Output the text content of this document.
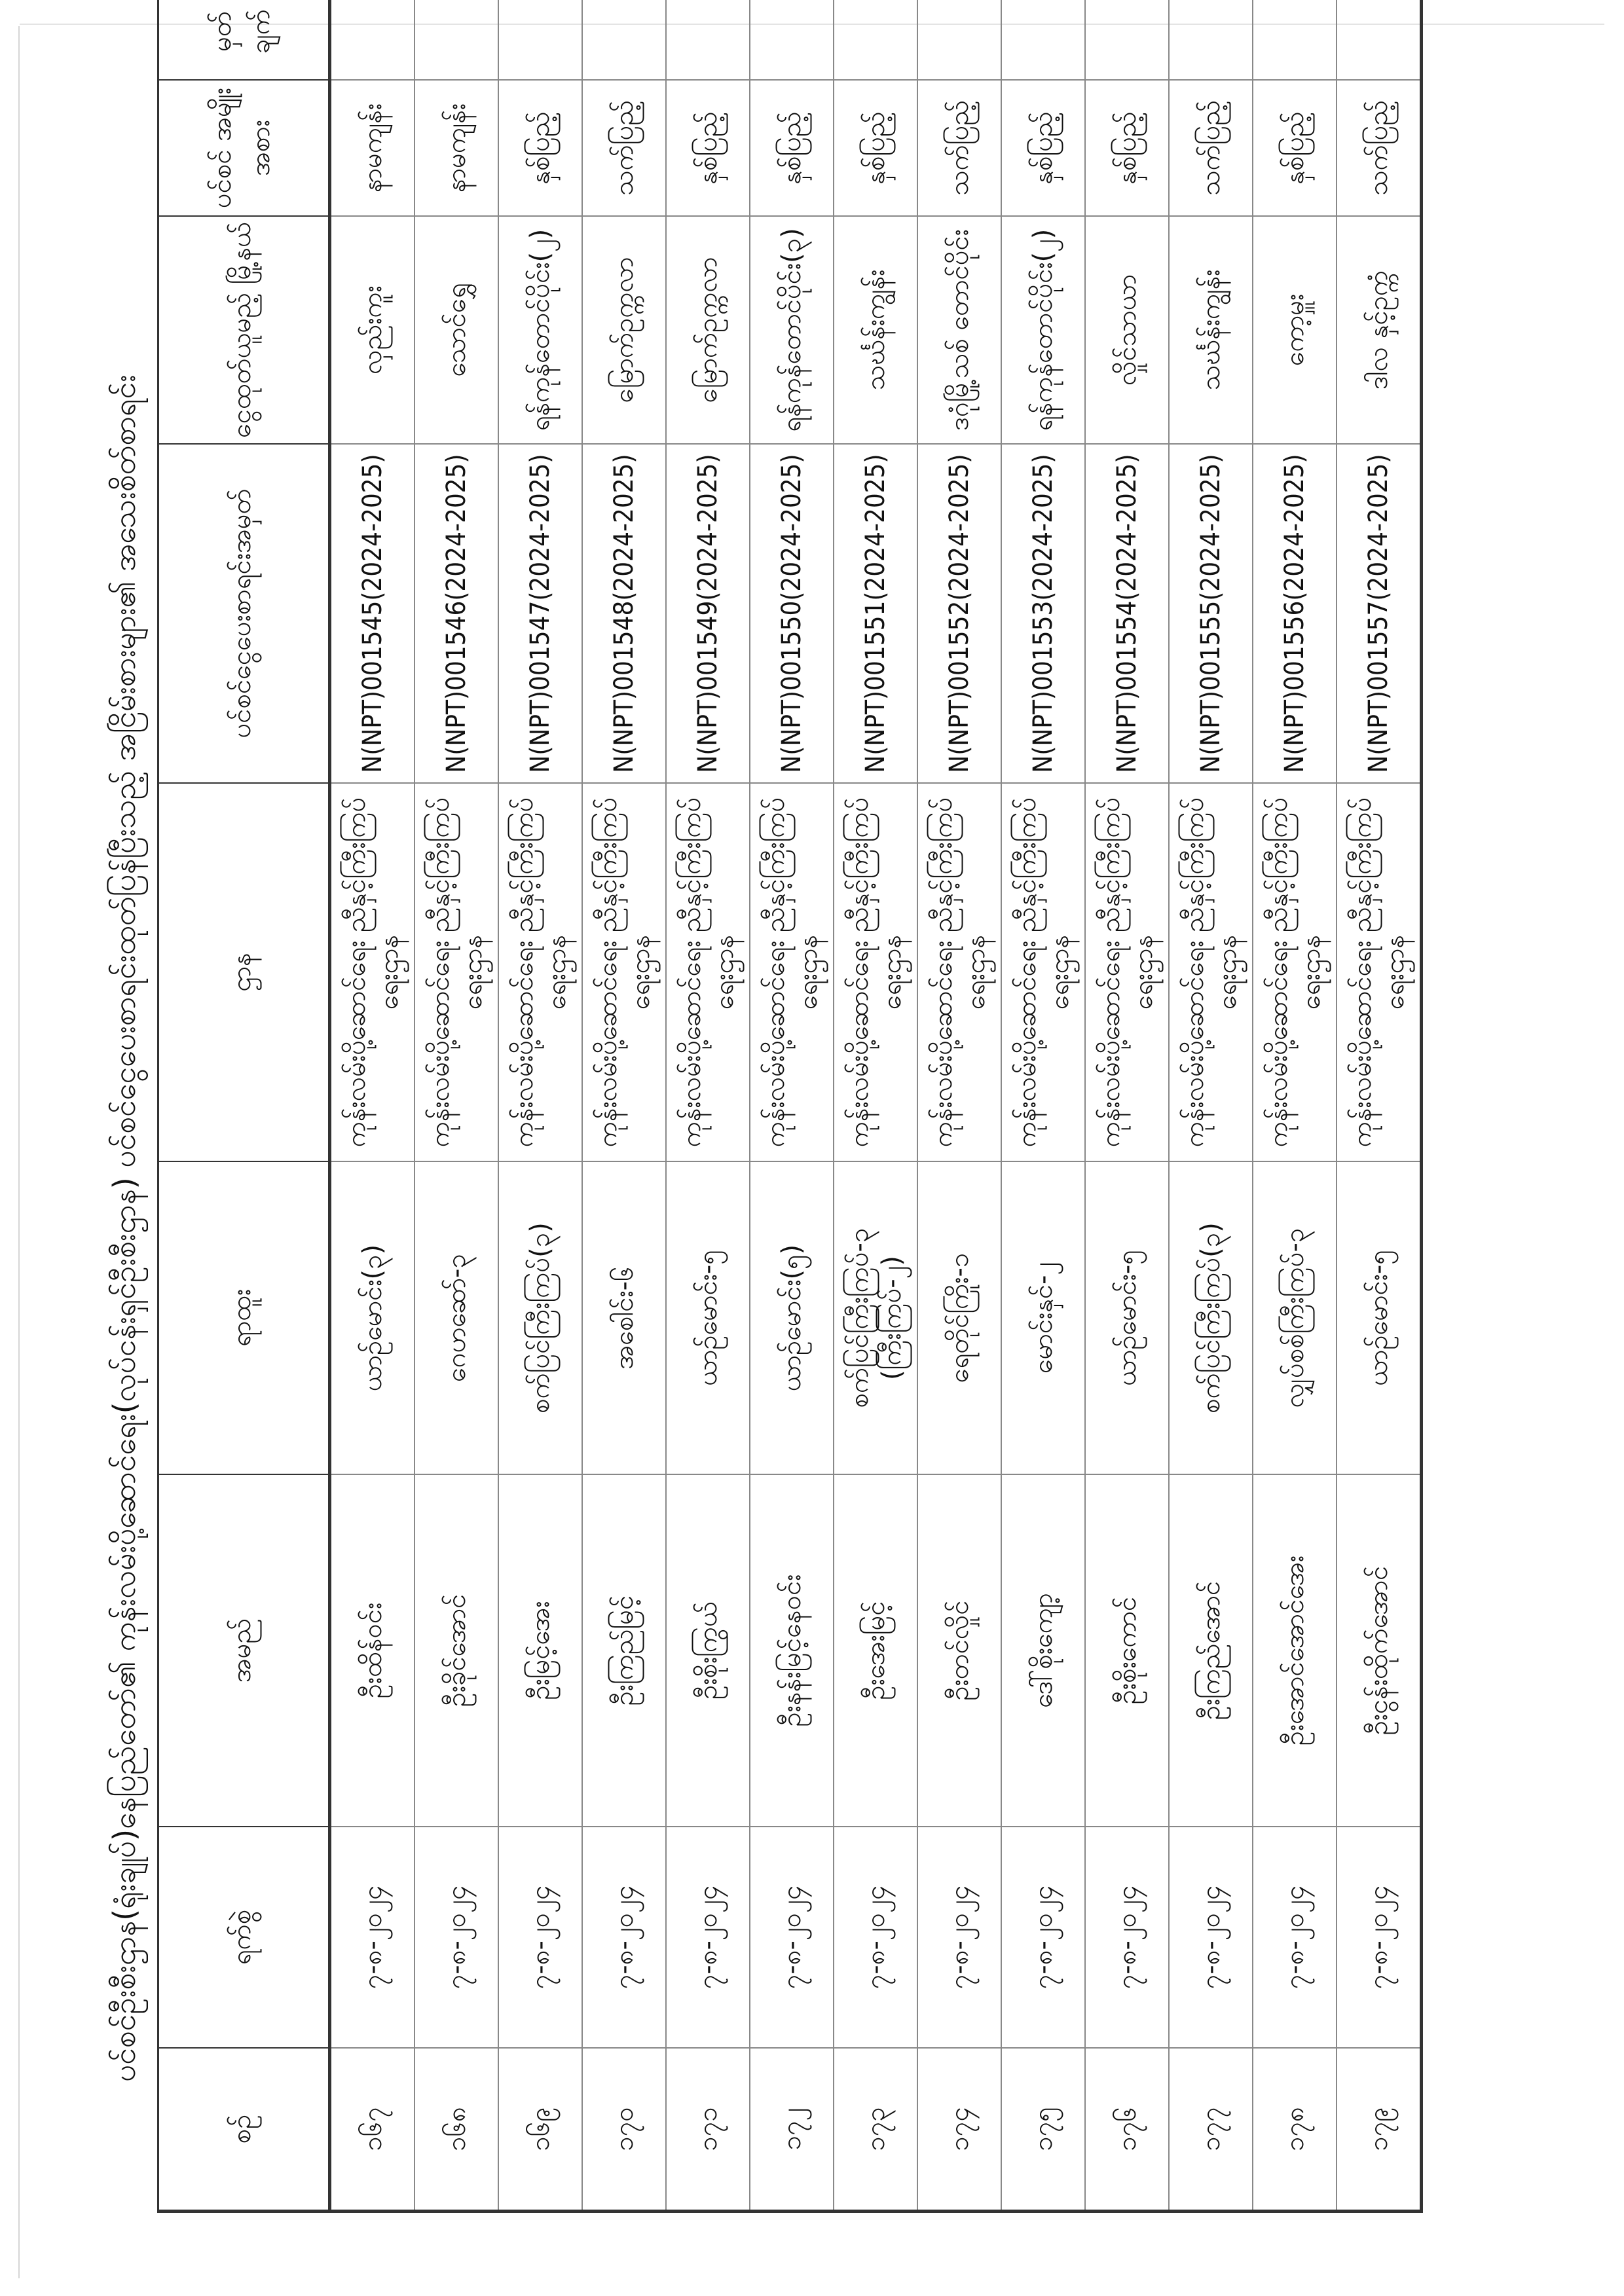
ပင်စင်ဦးစီးဌာန(ရုံးချုပ်)နေပြည်တော်၏ ကုန်းလမ်းပို့ဆောင်ရေး(လုပ်ငန်းရှင်ဦးစီးဌာန) ပင်စင်ငွေပေးစာရင်းထုတ်ပြန်ပြီးသည့် အငြိမ်းစားများ၏ အသေးစိတ်စာရင်း
စဉ်	ရက်စွဲ	အမည်	ရာထူး	ဌာန	ပင်စင်ငွေပေးစာရင်းအမှတ်	ငွေထုတ်ယူမည့် မြို့နယ်	ပင်စင် အမျိုးအစား	မှတ် ချက်
၁၆၇	၇-၈-၂၀၂၄	ဦးထိန်ဝင်း	ယာဉ်မောင်း(၃)	ကုန်းလမ်းပို့ဆောင်ရေး ညီနှင့်ကြီးကြပ်ရေးဌာန	N(NPT)001545(2024-2025)	လှည်းကူး	နာမကျန်း	
၁၆၈	၇-၈-၂၀၂၄	ဦးခိုင်အောင်	ဂေဟဆော်-၃	ကုန်းလမ်းပို့ဆောင်ရေး ညီနှင့်ကြီးကြပ်ရေးဌာန	N(NPT)001546(2024-2025)	သောင်ရွှေ	နာမကျန်း	
၁၆၉	၇-၈-၂၀၂၄	ဦးမြင့်အေး	စက်ပြင်ကြီးကြပ်(၃)	ကုန်းလမ်းပို့ဆောင်ရေး ညီနှင့်ကြီးကြပ်ရေးဌာန	N(NPT)001547(2024-2025)	ရန်ကုန်တောင်ပိုင်း(၂)	နှစ်ပြည့်	
၁၇၀	၇-၈-၂၀၂၄	ဦးကြည်မြင့်	အစေါင်း-၆	ကုန်းလမ်းပို့ဆောင်ရေး ညီနှင့်ကြီးကြပ်ရေးဌာန	N(NPT)001548(2024-2025)	မြောက်ဥက္ကလာ	သက်ပြည့်	
၁၇၁	၇-၈-၂၀၂၄	ဦးစိုးကြွယ်	ယာဉ်မောင်း-၅	ကုန်းလမ်းပို့ဆောင်ရေး ညီနှင့်ကြီးကြပ်ရေးဌာန	N(NPT)001549(2024-2025)	မြောက်ဥက္ကလာ	နှစ်ပြည့်	
၁၇၂	၇-၈-၂၀၂၄	ဦးနန်းမြင့်နေဝင်း	ယာဉ်မောင်း(၅)	ကုန်းလမ်းပို့ဆောင်ရေး ညီနှင့်ကြီးကြပ်ရေးဌာန	N(NPT)001550(2024-2025)	ရန်ကုန်တောင်ပိုင်း(၃)	နှစ်ပြည့်	
၁၇၃	၇-၈-၂၀၂၄	ဦးအေးမြင့်	စက်ပြင်ကြီးကြပ်-၃ (ကြီးကြပ်-၂)	ကုန်းလမ်းပို့ဆောင်ရေး ညီနှင့်ကြီးကြပ်ရေးဌာန	N(NPT)001551(2024-2025)	သင်္ဃန်းကျွန်း	နှစ်ပြည့်	
၁၇၄	၇-၈-၂၀၂၄	ဦးတင်လှိုင်	ရေတိုင်ကြိုး-၁	ကုန်းလမ်းပို့ဆောင်ရေး ညီနှင့်ကြီးကြပ်ရေးဌာန	N(NPT)001552(2024-2025)	ဒဂုံမြို့သစ် တောင်ပိုင်း	သက်ပြည့်	
၁၇၅	၇-၈-၂၀၂၄	ဒေါ်စိုးကျော့	မောင်းနှင်-၂	ကုန်းလမ်းပို့ဆောင်ရေး ညီနှင့်ကြီးကြပ်ရေးဌာန	N(NPT)001553(2024-2025)	ရန်ကုန်တောင်ပိုင်း(၂)	နှစ်ပြည့်	
၁၇၆	၇-၈-၂၀၂၄	ဦးစိုးကောင်	ယာဉ်မောင်း-၅	ကုန်းလမ်းပို့ဆောင်ရေး ညီနှင့်ကြီးကြပ်ရေးဌာန	N(NPT)001554(2024-2025)	လှိုင်သာယာ	နှစ်ပြည့်	
၁၇၇	၇-၈-၂၀၂၄	ဦးကြည်အောင်	စက်ပြင်ကြီးကြပ်(၃)	ကုန်းလမ်းပို့ဆောင်ရေး ညီနှင့်ကြီးကြပ်ရေးဌာန	N(NPT)001555(2024-2025)	သင်္ဃန်းကျွန်း	သက်ပြည့်	
၁၇၈	၇-၈-၂၀၂၄	ဦးအောင်အောင်အေး	လျှပ်စစ်ကြီးကြပ်-၃	ကုန်းလမ်းပို့ဆောင်ရေး ညီနှင့်ကြီးကြပ်ရေးဌာန	N(NPT)001556(2024-2025)	ကော့မှူး	နှစ်ပြည့်	
၁၇၉	၇-၈-၂၀၂၄	ဦးငွန်းထိုက်အောင်	ယာဉ်မောင်း-၅	ကုန်းလမ်းပို့ဆောင်ရေး ညီနှင့်ကြီးကြပ်ရေးဌာန	N(NPT)001557(2024-2025)	ဒါလ နှင့်ဥက္ကံ	သက်ပြည့်	
